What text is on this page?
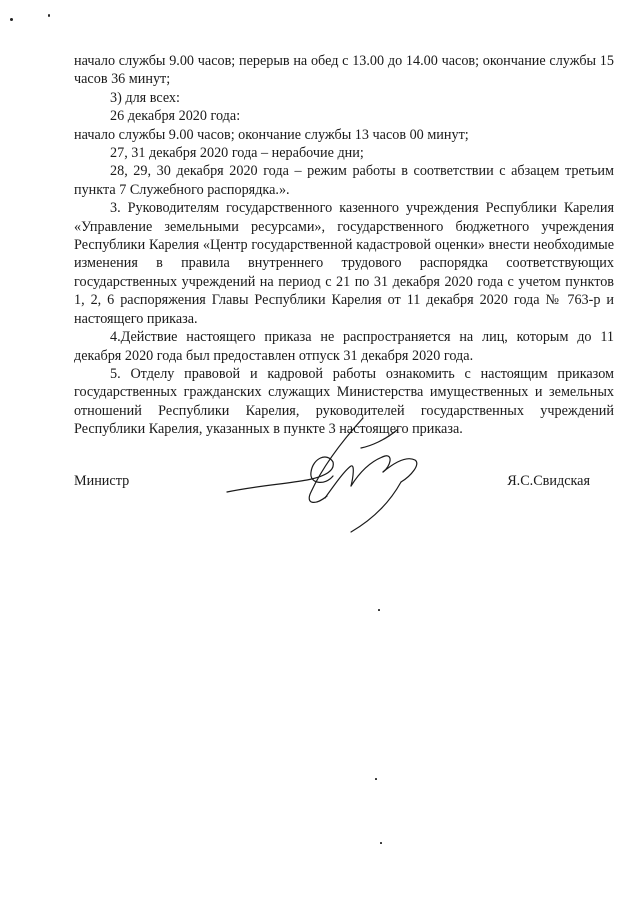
начало службы 9.00 часов; перерыв на обед с 13.00 до 14.00 часов; окончание службы 15 часов 36 минут;

3) для всех:

26 декабря 2020 года:

начало службы 9.00 часов; окончание службы 13 часов 00 минут;

27, 31 декабря 2020 года – нерабочие дни;

28, 29, 30 декабря 2020 года – режим работы в соответствии с абзацем третьим пункта 7 Служебного распорядка.».

3. Руководителям государственного казенного учреждения Республики Карелия «Управление земельными ресурсами», государственного бюджетного учреждения Республики Карелия «Центр государственной кадастровой оценки» внести необходимые изменения в правила внутреннего трудового распорядка соответствующих государственных учреждений на период с 21 по 31 декабря 2020 года с учетом пунктов 1, 2, 6 распоряжения Главы Республики Карелия от 11 декабря 2020 года № 763-р и настоящего приказа.

4.Действие настоящего приказа не распространяется на лиц, которым до 11 декабря 2020 года был предоставлен отпуск 31 декабря 2020 года.

5. Отделу правовой и кадровой работы ознакомить с настоящим приказом государственных гражданских служащих Министерства имущественных и земельных отношений Республики Карелия, руководителей государственных учреждений Республики Карелия, указанных в пункте 3 настоящего приказа.

Министр	Я.С.Свидская
